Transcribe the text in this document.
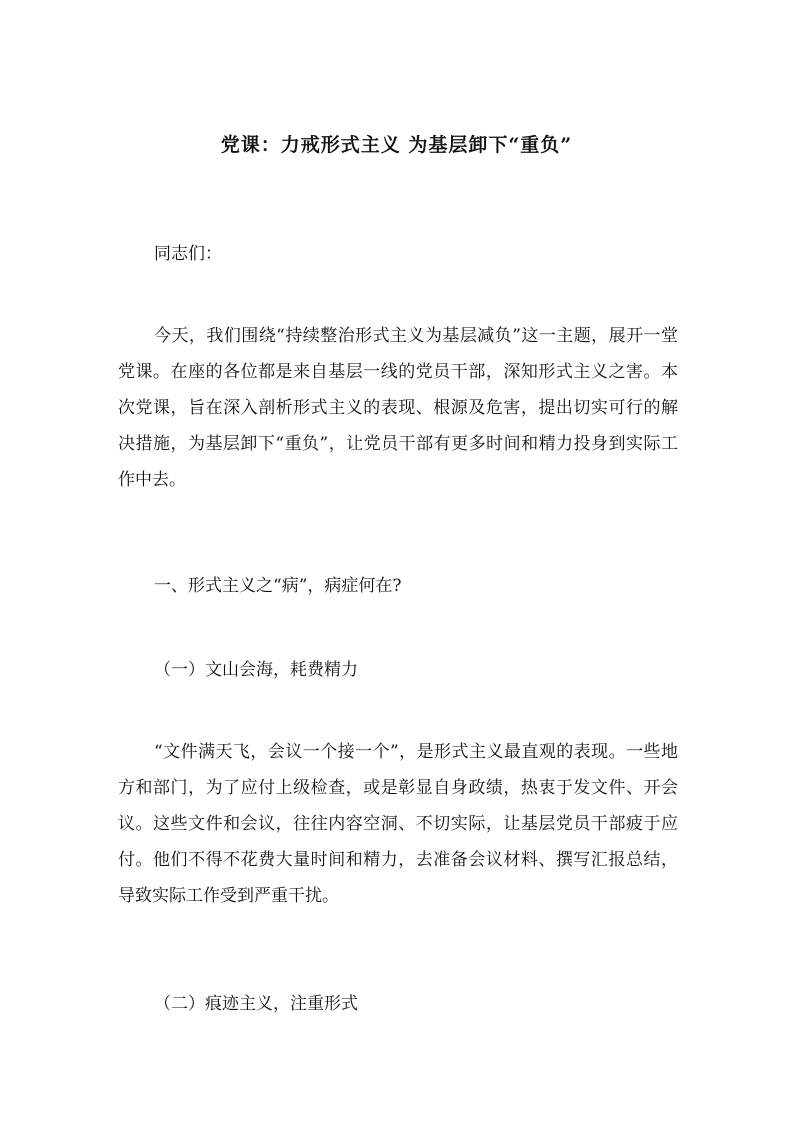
党课：力戒形式主义 为基层卸下“重负”

同志们：

今天，我们围绕“持续整治形式主义为基层减负”这一主题，展开一堂党课。在座的各位都是来自基层一线的党员干部，深知形式主义之害。本次党课，旨在深入剖析形式主义的表现、根源及危害，提出切实可行的解决措施，为基层卸下“重负”，让党员干部有更多时间和精力投身到实际工作中去。

一、形式主义之“病”，病症何在?

（一）文山会海，耗费精力

“文件满天飞，会议一个接一个”，是形式主义最直观的表现。一些地方和部门，为了应付上级检查，或是彰显自身政绩，热衷于发文件、开会议。这些文件和会议，往往内容空洞、不切实际，让基层党员干部疲于应付。他们不得不花费大量时间和精力，去准备会议材料、撰写汇报总结，导致实际工作受到严重干扰。

（二）痕迹主义，注重形式
